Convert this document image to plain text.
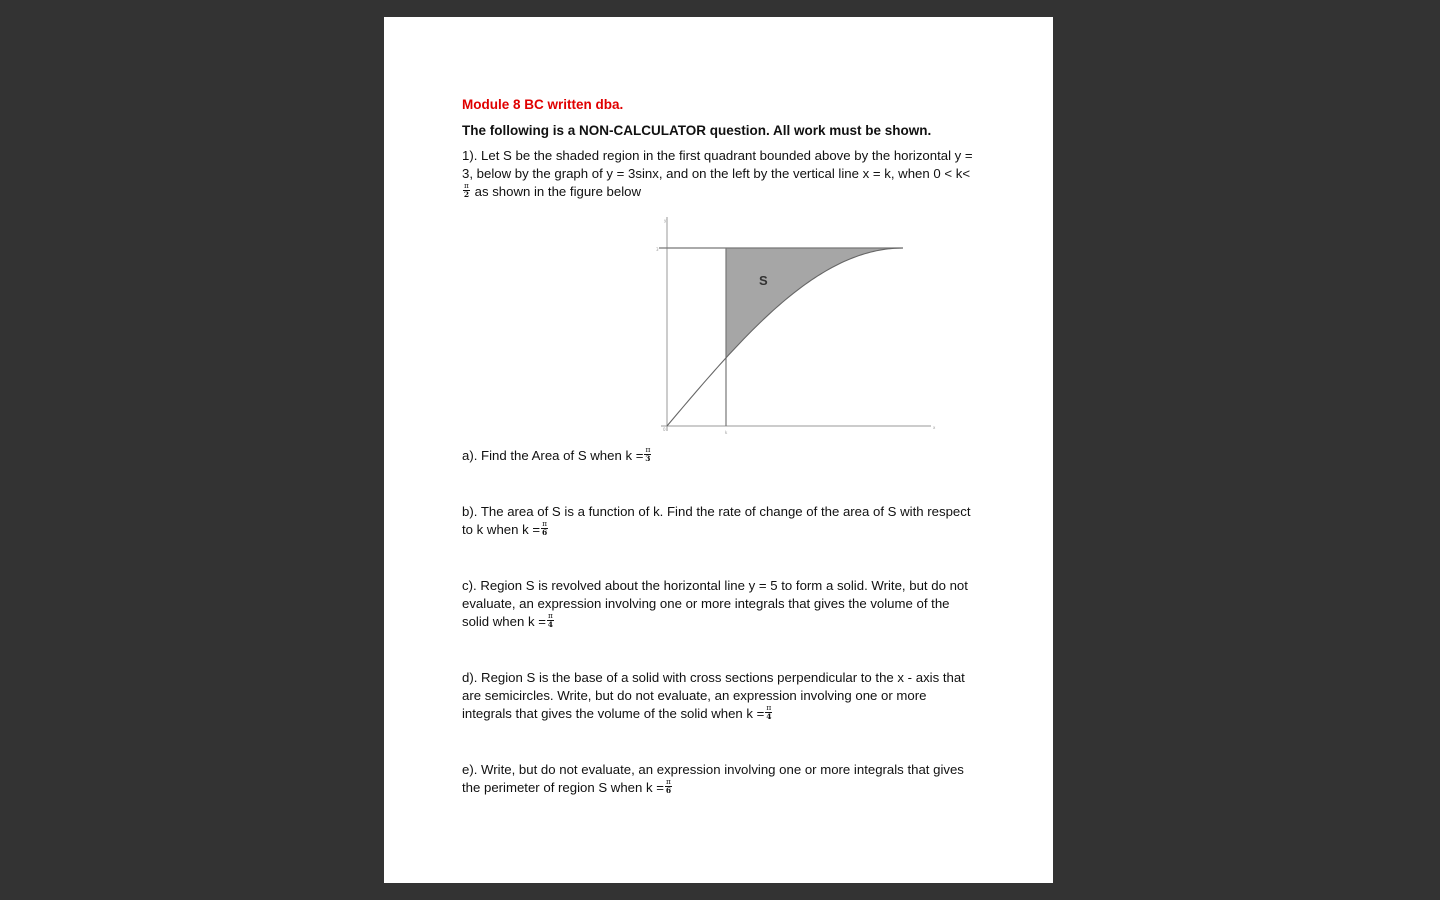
Module 8 BC written dba.
The following is a NON-CALCULATOR question. All work must be shown.
1). Let S be the shaded region in the first quadrant bounded above by the horizontal y = 3, below by the graph of y = 3sinx, and on the left by the vertical line x = k, when 0 < k<
$\frac{\pi}{2}$ as shown in the figure below
y
3
0
k
x
S
a). Find the Area of S when $k = \frac{\pi}{3}$
b). The area of S is a function of k. Find the rate of change of the area of S with respect to k when $k = \frac{\pi}{6}$
c). Region S is revolved about the horizontal line y = 5 to form a solid. Write, but do not evaluate, an expression involving one or more integrals that gives the volume of the solid when $k = \frac{\pi}{4}$
d). Region S is the base of a solid with cross sections perpendicular to the x - axis that are semicircles. Write, but do not evaluate, an expression involving one or more integrals that gives the volume of the solid when $k = \frac{\pi}{4}$
e). Write, but do not evaluate, an expression involving one or more integrals that gives the perimeter of region S when $k = \frac{\pi}{6}$
